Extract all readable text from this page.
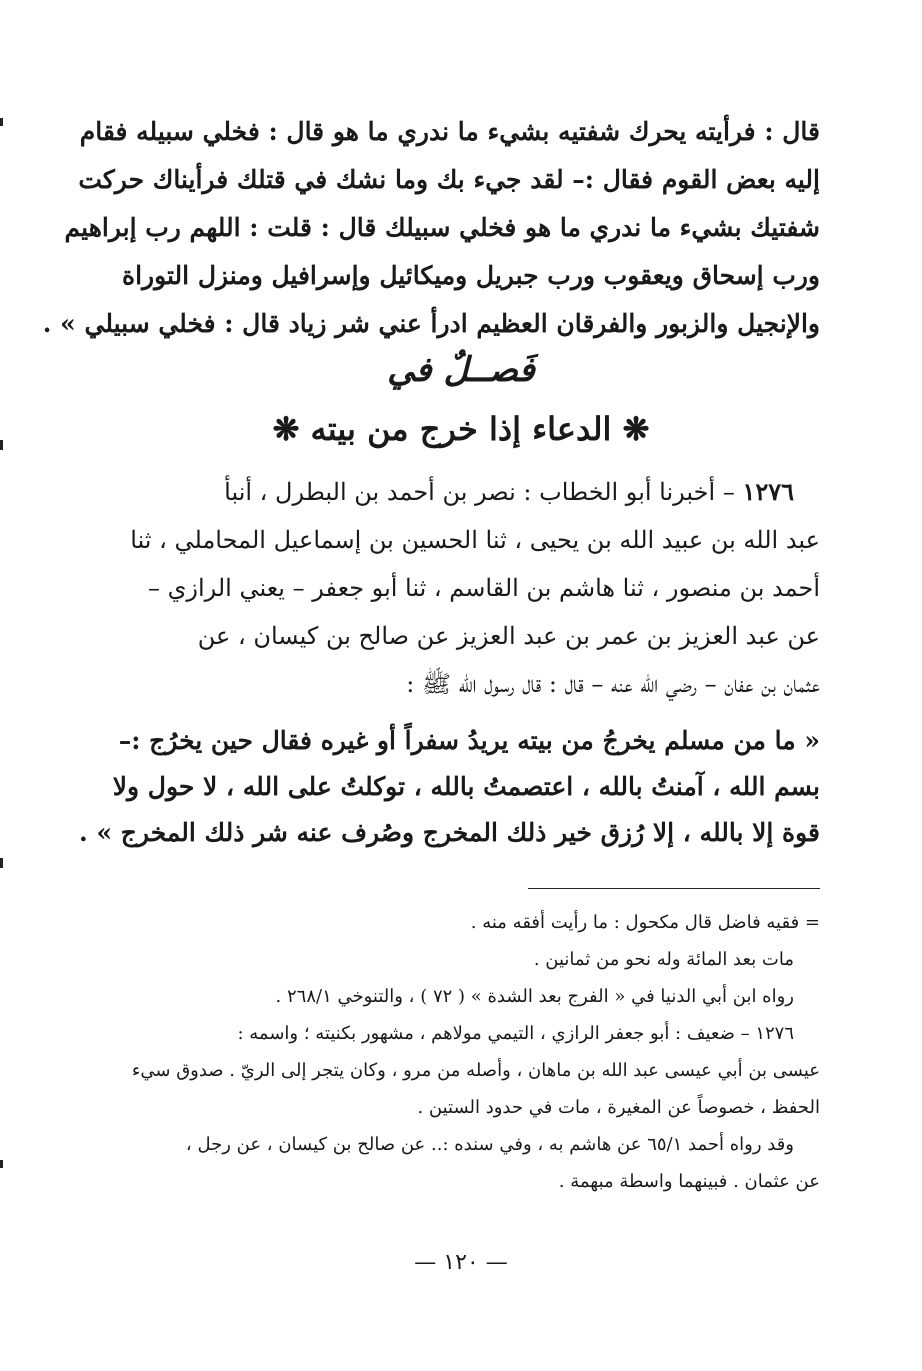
قال : فرأيته يحرك شفتيه بشيء ما ندري ما هو قال : فخلي سبيله فقام
إليه بعض القوم فقال :– لقد جيء بك وما نشك في قتلك فرأيناك حركت
شفتيك بشيء ما ندري ما هو فخلي سبيلك قال : قلت : اللهم رب إبراهيم
ورب إسحاق ويعقوب ورب جبريل وميكائيل وإسرافيل ومنزل التوراة
والإنجيل والزبور والفرقان العظيم ادرأ عني شر زياد قال : فخلي سبيلي » .
فَصــلٌ في
❋ الدعاء إذا خرج من بيته ❋
١٢٧٦ – أخبرنا أبو الخطاب : نصر بن أحمد بن البطرل ، أنبأ
عبد الله بن عبيد الله بن يحيى ، ثنا الحسين بن إسماعيل المحاملي ، ثنا
أحمد بن منصور ، ثنا هاشم بن القاسم ، ثنا أبو جعفر – يعني الرازي –
عن عبد العزيز بن عمر بن عبد العزيز عن صالح بن كيسان ، عن
عثمان بن عفان – رضي الله عنه – قال : قال رسول الله ﷺ :
« ما من مسلم يخرجُ من بيته يريدُ سفراً أو غيره فقال حين يخرُج :–
بسم الله ، آمنتُ بالله ، اعتصمتُ بالله ، توكلتُ على الله ، لا حول ولا
قوة إلا بالله ، إلا رُزق خير ذلك المخرج وصُرف عنه شر ذلك المخرج » .
= فقيه فاضل قال مكحول : ما رأيت أفقه منه .
مات بعد المائة وله نحو من ثمانين .
رواه ابن أبي الدنيا في « الفرج بعد الشدة » ( ٧٢ ) ، والتنوخي ٢٦٨/١ .
١٢٧٦ – ضعيف : أبو جعفر الرازي ، التيمي مولاهم ، مشهور بكنيته ؛ واسمه :
عيسى بن أبي عيسى عبد الله بن ماهان ، وأصله من مرو ، وكان يتجر إلى الريّ . صدوق سيء
الحفظ ، خصوصاً عن المغيرة ، مات في حدود الستين .
وقد رواه أحمد ٦٥/١ عن هاشم به ، وفي سنده :.. عن صالح بن كيسان ، عن رجل ،
عن عثمان . فبينهما واسطة مبهمة .
— ١٢٠ —
